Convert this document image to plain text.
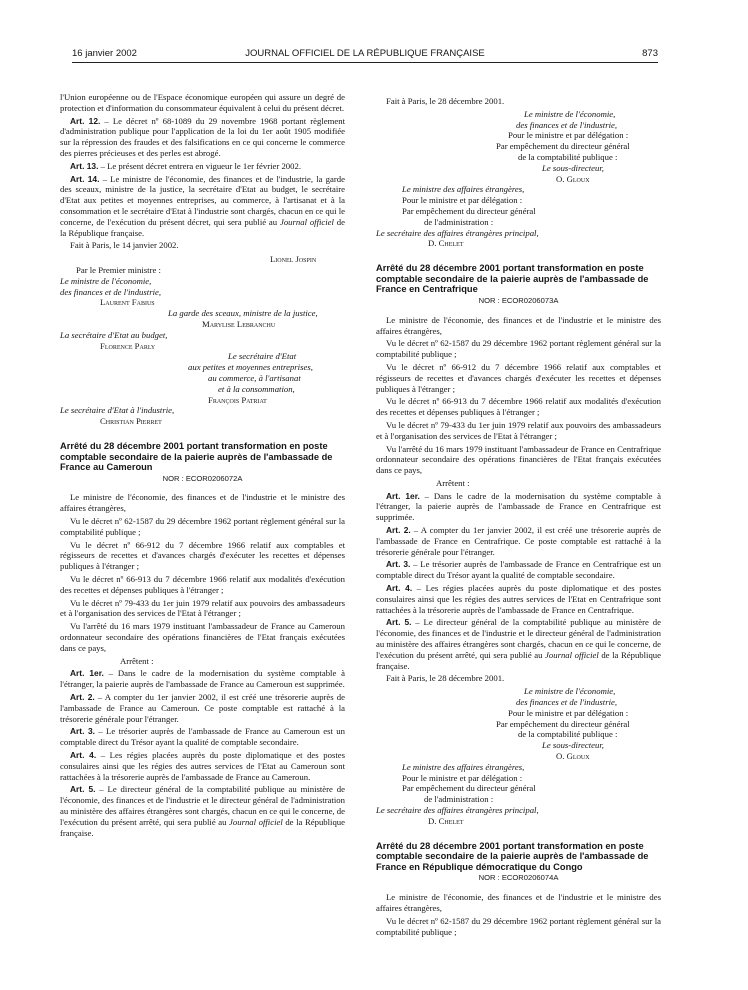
16 janvier 2002	JOURNAL OFFICIEL DE LA RÉPUBLIQUE FRANÇAISE	873

l'Union européenne ou de l'Espace économique européen qui assure un degré de protection et d'information du consommateur équivalent à celui du présent décret.

Art. 12. – Le décret nº 68-1089 du 29 novembre 1968 portant règlement d'administration publique pour l'application de la loi du 1er août 1905 modifiée sur la répression des fraudes et des falsifications en ce qui concerne le commerce des pierres précieuses et des perles est abrogé.

Art. 13. – Le présent décret entrera en vigueur le 1er février 2002.

Art. 14. – Le ministre de l'économie, des finances et de l'industrie, la garde des sceaux, ministre de la justice, la secrétaire d'Etat au budget, le secrétaire d'Etat aux petites et moyennes entreprises, au commerce, à l'artisanat et à la consommation et le secrétaire d'Etat à l'industrie sont chargés, chacun en ce qui le concerne, de l'exécution du présent décret, qui sera publié au Journal officiel de la République française.

Fait à Paris, le 14 janvier 2002.

Lionel Jospin
Par le Premier ministre :
Le ministre de l'économie,
des finances et de l'industrie,
Laurent Fabius
La garde des sceaux, ministre de la justice,
Marylise Lebranchu
La secrétaire d'Etat au budget,
Florence Parly
Le secrétaire d'Etat
aux petites et moyennes entreprises,
au commerce, à l'artisanat
et à la consommation,
François Patriat
Le secrétaire d'Etat à l'industrie,
Christian Pierret
Arrêté du 28 décembre 2001 portant transformation en poste comptable secondaire de la paierie auprès de l'ambassade de France au Cameroun
NOR : ECOR0206072A

Le ministre de l'économie, des finances et de l'industrie et le ministre des affaires étrangères,

Vu le décret nº 62-1587 du 29 décembre 1962 portant règlement général sur la comptabilité publique ;

Vu le décret nº 66-912 du 7 décembre 1966 relatif aux comptables et régisseurs de recettes et d'avances chargés d'exécuter les recettes et dépenses publiques à l'étranger ;

Vu le décret nº 66-913 du 7 décembre 1966 relatif aux modalités d'exécution des recettes et dépenses publiques à l'étranger ;

Vu le décret nº 79-433 du 1er juin 1979 relatif aux pouvoirs des ambassadeurs et à l'organisation des services de l'Etat à l'étranger ;

Vu l'arrêté du 16 mars 1979 instituant l'ambassadeur de France au Cameroun ordonnateur secondaire des opérations financières de l'Etat français exécutées dans ce pays,

Arrêtent :

Art. 1er. – Dans le cadre de la modernisation du système comptable à l'étranger, la paierie auprès de l'ambassade de France au Cameroun est supprimée.

Art. 2. – A compter du 1er janvier 2002, il est créé une trésorerie auprès de l'ambassade de France au Cameroun. Ce poste comptable est rattaché à la trésorerie générale pour l'étranger.

Art. 3. – Le trésorier auprès de l'ambassade de France au Cameroun est un comptable direct du Trésor ayant la qualité de comptable secondaire.

Art. 4. – Les régies placées auprès du poste diplomatique et des postes consulaires ainsi que les régies des autres services de l'Etat au Cameroun sont rattachées à la trésorerie auprès de l'ambassade de France au Cameroun.

Art. 5. – Le directeur général de la comptabilité publique au ministère de l'économie, des finances et de l'industrie et le directeur général de l'administration au ministère des affaires étrangères sont chargés, chacun en ce qui le concerne, de l'exécution du présent arrêté, qui sera publié au Journal officiel de la République française.

Fait à Paris, le 28 décembre 2001.

Le ministre de l'économie,
des finances et de l'industrie,
Pour le ministre et par délégation :
Par empêchement du directeur général
de la comptabilité publique :
Le sous-directeur,
O. Gloux
Le ministre des affaires étrangères,
Pour le ministre et par délégation :
Par empêchement du directeur général
de l'administration :
Le secrétaire des affaires étrangères principal,
D. Chelet
Arrêté du 28 décembre 2001 portant transformation en poste comptable secondaire de la paierie auprès de l'ambassade de France en Centrafrique
NOR : ECOR0206073A

Le ministre de l'économie, des finances et de l'industrie et le ministre des affaires étrangères,

Vu le décret nº 62-1587 du 29 décembre 1962 portant règlement général sur la comptabilité publique ;

Vu le décret nº 66-912 du 7 décembre 1966 relatif aux comptables et régisseurs de recettes et d'avances chargés d'exécuter les recettes et dépenses publiques à l'étranger ;

Vu le décret nº 66-913 du 7 décembre 1966 relatif aux modalités d'exécution des recettes et dépenses publiques à l'étranger ;

Vu le décret nº 79-433 du 1er juin 1979 relatif aux pouvoirs des ambassadeurs et à l'organisation des services de l'Etat à l'étranger ;

Vu l'arrêté du 16 mars 1979 instituant l'ambassadeur de France en Centrafrique ordonnateur secondaire des opérations financières de l'Etat français exécutées dans ce pays,

Arrêtent :

Art. 1er. – Dans le cadre de la modernisation du système comptable à l'étranger, la paierie auprès de l'ambassade de France en Centrafrique est supprimée.

Art. 2. – A compter du 1er janvier 2002, il est créé une trésorerie auprès de l'ambassade de France en Centrafrique. Ce poste comptable est rattaché à la trésorerie générale pour l'étranger.

Art. 3. – Le trésorier auprès de l'ambassade de France en Centrafrique est un comptable direct du Trésor ayant la qualité de comptable secondaire.

Art. 4. – Les régies placées auprès du poste diplomatique et des postes consulaires ainsi que les régies des autres services de l'Etat en Centrafrique sont rattachées à la trésorerie auprès de l'ambassade de France en Centrafrique.

Art. 5. – Le directeur général de la comptabilité publique au ministère de l'économie, des finances et de l'industrie et le directeur général de l'administration au ministère des affaires étrangères sont chargés, chacun en ce qui le concerne, de l'exécution du présent arrêté, qui sera publié au Journal officiel de la République française.

Fait à Paris, le 28 décembre 2001.

Le ministre de l'économie,
des finances et de l'industrie,
Pour le ministre et par délégation :
Par empêchement du directeur général
de la comptabilité publique :
Le sous-directeur,
O. Gloux
Le ministre des affaires étrangères,
Pour le ministre et par délégation :
Par empêchement du directeur général
de l'administration :
Le secrétaire des affaires étrangères principal,
D. Chelet
Arrêté du 28 décembre 2001 portant transformation en poste comptable secondaire de la paierie auprès de l'ambassade de France en République démocratique du Congo
NOR : ECOR0206074A

Le ministre de l'économie, des finances et de l'industrie et le ministre des affaires étrangères,

Vu le décret nº 62-1587 du 29 décembre 1962 portant règlement général sur la comptabilité publique ;
